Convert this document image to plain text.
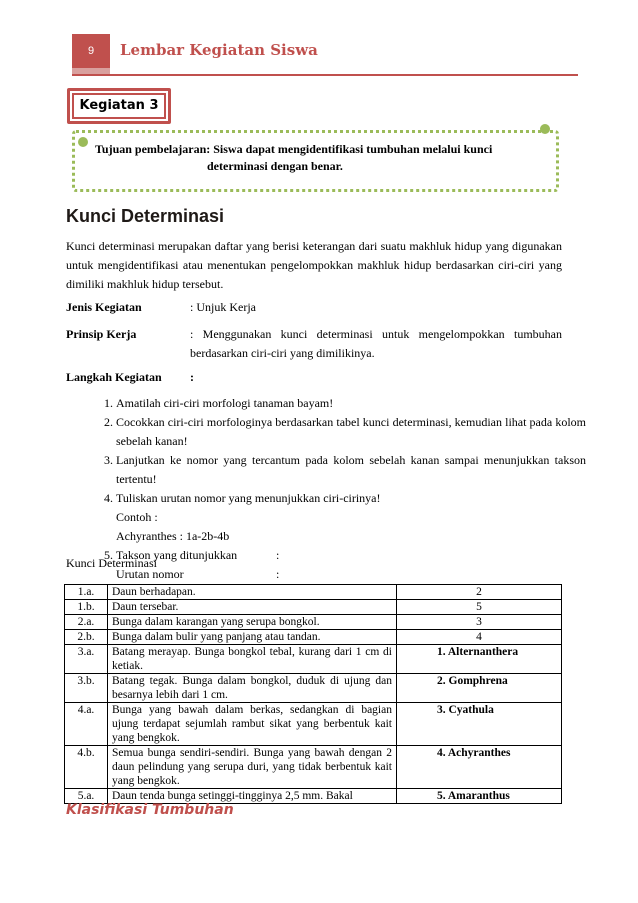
9	Lembar Kegiatan Siswa
Kegiatan 3
Tujuan pembelajaran: Siswa dapat mengidentifikasi tumbuhan melalui kunci
determinasi dengan benar.
Kunci Determinasi
Kunci determinasi merupakan daftar yang berisi keterangan dari suatu makhluk hidup yang digunakan untuk mengidentifikasi atau menentukan pengelompokkan makhluk hidup berdasarkan ciri-ciri yang dimiliki makhluk hidup tersebut.
Jenis Kegiatan	: Unjuk Kerja
Prinsip Kerja	: Menggunakan kunci determinasi untuk mengelompokkan tumbuhan berdasarkan ciri-ciri yang dimilikinya.
Langkah Kegiatan :
1. Amatilah ciri-ciri morfologi tanaman bayam!
2. Cocokkan ciri-ciri morfologinya berdasarkan tabel kunci determinasi, kemudian lihat pada kolom sebelah kanan!
3. Lanjutkan ke nomor yang tercantum pada kolom sebelah kanan sampai menunjukkan takson tertentu!
4. Tuliskan urutan nomor yang menunjukkan ciri-cirinya!
Contoh :
Achyranthes : 1a-2b-4b
5. Takson yang ditunjukkan	:
Urutan nomor	:
Kunci Determinasi
1.a.	Daun berhadapan.	2
1.b.	Daun tersebar.	5
2.a.	Bunga dalam karangan yang serupa bongkol.	3
2.b.	Bunga dalam bulir yang panjang atau tandan.	4
3.a.	Batang merayap. Bunga bongkol tebal, kurang dari 1 cm di ketiak.	1. Alternanthera
3.b.	Batang tegak. Bunga dalam bongkol, duduk di ujung dan besarnya lebih dari 1 cm.	2. Gomphrena
4.a.	Bunga yang bawah dalam berkas, sedangkan di bagian ujung terdapat sejumlah rambut sikat yang berbentuk kait yang bengkok.	3. Cyathula
4.b.	Semua bunga sendiri-sendiri. Bunga yang bawah dengan 2 daun pelindung yang serupa duri, yang tidak berbentuk kait yang bengkok.	4. Achyranthes
5.a.	Daun tenda bunga setinggi-tingginya 2,5 mm. Bakal	5. Amaranthus
Klasifikasi Tumbuhan
